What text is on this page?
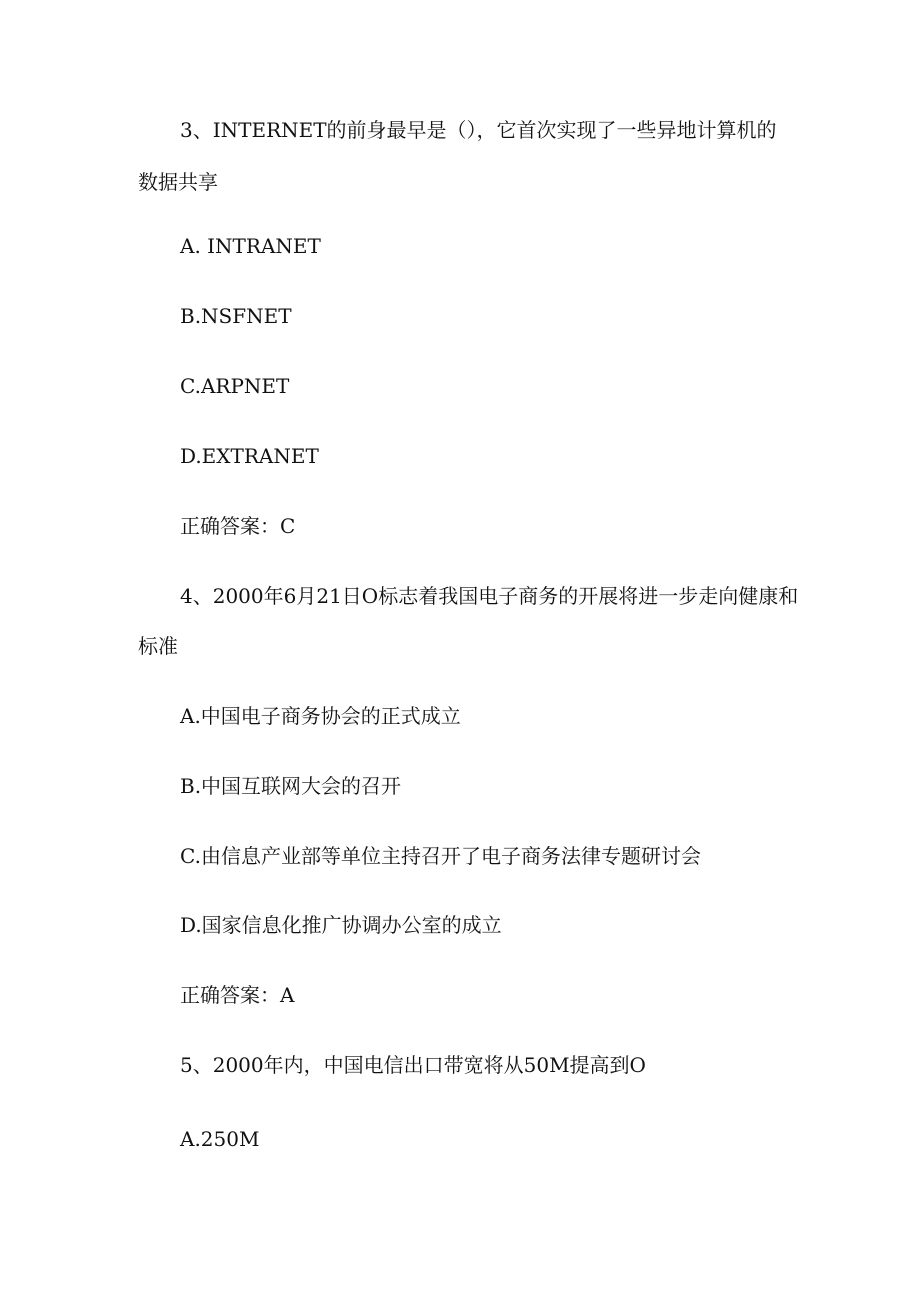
3、INTERNET的前身最早是（），它首次实现了一些异地计算机的
数据共享
A. INTRANET
B.NSFNET
C.ARPNET
D.EXTRANET
正确答案：C
4、2000年6月21日O标志着我国电子商务的开展将进一步走向健康和
标准
A.中国电子商务协会的正式成立
B.中国互联网大会的召开
C.由信息产业部等单位主持召开了电子商务法律专题研讨会
D.国家信息化推广协调办公室的成立
正确答案：A
5、2000年内，中国电信出口带宽将从50M提高到O
A.250M
